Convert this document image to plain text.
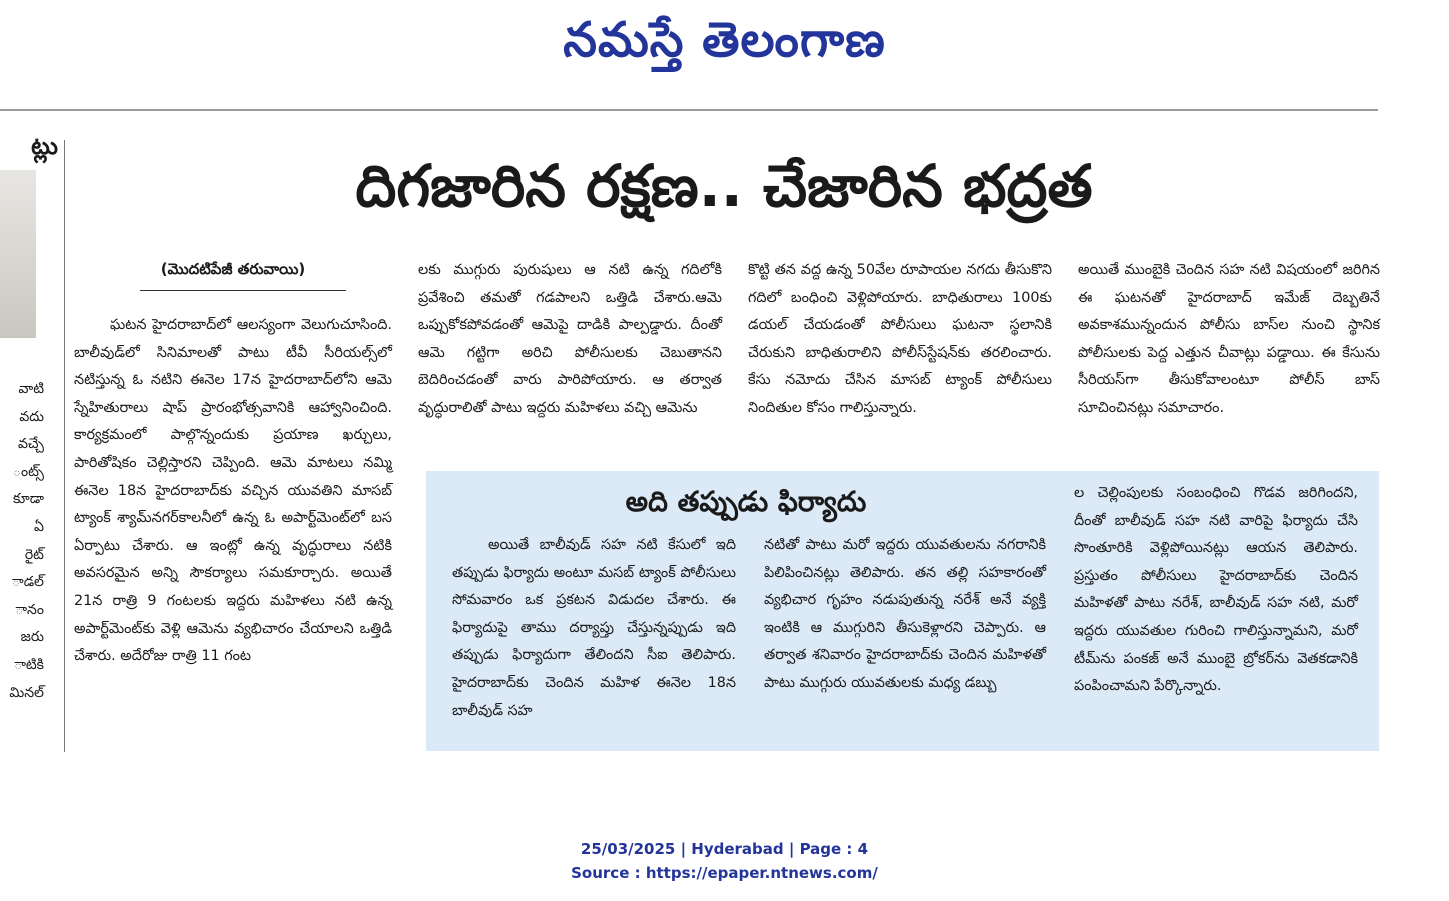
నమస్తే తెలంగాణ
ట్లు
వాటి
వదు
వచ్చే
ంట్స్
కూడా
ఏ
రైట్
ాడల్
ానం
జరు
ాటికి
మినల్
దిగజారిన రక్షణ.. చేజారిన భద్రత
(మొదటిపేజీ తరువాయి)

ఘటన హైదరాబాద్‌లో ఆలస్యంగా వెలుగుచూసింది. బాలీవుడ్‌లో సినిమాలతో పాటు టీవీ సీరియల్స్‌లో నటిస్తున్న ఓ నటిని ఈనెల 17న హైదరాబాద్‌లోని ఆమె స్నేహితురాలు షాప్ ప్రారంభోత్సవానికి ఆహ్వానించింది. కార్యక్రమంలో పాల్గొన్నందుకు ప్రయాణ ఖర్చులు, పారితోషికం చెల్లిస్తారని చెప్పింది. ఆమె మాటలు నమ్మి ఈనెల 18న హైదరాబాద్‌కు వచ్చిన యువతిని మాసబ్ ట్యాంక్ శ్యామ్‌నగర్‌కాలనీలో ఉన్న ఓ అపార్ట్‌మెంట్‌లో బస ఏర్పాటు చేశారు. ఆ ఇంట్లో ఉన్న వృద్ధురాలు నటికి అవసరమైన అన్ని సౌకర్యాలు సమకూర్చారు. అయితే 21న రాత్రి 9 గంటలకు ఇద్దరు మహిళలు నటి ఉన్న అపార్ట్‌మెంట్‌కు వెళ్లి ఆమెను వ్యభిచారం చేయాలని ఒత్తిడి చేశారు. అదేరోజు రాత్రి 11 గంట

లకు ముగ్గురు పురుషులు ఆ నటి ఉన్న గదిలోకి ప్రవేశించి తమతో గడపాలని ఒత్తిడి చేశారు.ఆమె ఒప్పుకోకపోవడంతో ఆమెపై దాడికి పాల్పడ్డారు. దీంతో ఆమె గట్టిగా అరిచి పోలీసులకు చెబుతానని బెదిరించడంతో వారు పారిపోయారు. ఆ తర్వాత వృద్ధురాలితో పాటు ఇద్దరు మహిళలు వచ్చి ఆమెను

కొట్టి తన వద్ద ఉన్న 50వేల రూపాయల నగదు తీసుకొని గదిలో బంధించి వెళ్లిపోయారు. బాధితురాలు 100కు డయల్ చేయడంతో పోలీసులు ఘటనా స్థలానికి చేరుకుని బాధితురాలిని పోలీస్‌స్టేషన్‌కు తరలించారు. కేసు నమోదు చేసిన మాసబ్ ట్యాంక్ పోలీసులు నిందితుల కోసం గాలిస్తున్నారు.

అయితే ముంబైకి చెందిన సహ నటి విషయంలో జరిగిన ఈ ఘటనతో హైదరాబాద్ ఇమేజ్ దెబ్బతినే అవకాశమున్నందున పోలీసు బాస్‌ల నుంచి స్థానిక పోలీసులకు పెద్ద ఎత్తున చీవాట్లు పడ్డాయి. ఈ కేసును సీరియస్‌గా తీసుకోవాలంటూ పోలీస్ బాస్ సూచించినట్లు సమాచారం.

అది తప్పుడు ఫిర్యాదు

అయితే బాలీవుడ్ సహ నటి కేసులో ఇది తప్పుడు ఫిర్యాదు అంటూ మసబ్ ట్యాంక్ పోలీసులు సోమవారం ఒక ప్రకటన విడుదల చేశారు. ఈ ఫిర్యాదుపై తాము దర్యాప్తు చేస్తున్నప్పుడు ఇది తప్పుడు ఫిర్యాదుగా తేలిందని సీఐ తెలిపారు. హైదరాబాద్‌కు చెందిన మహిళ ఈనెల 18న బాలీవుడ్ సహ

నటితో పాటు మరో ఇద్దరు యువతులను నగరానికి పిలిపించినట్లు తెలిపారు. తన తల్లి సహకారంతో వ్యభిచార గృహం నడుపుతున్న నరేశ్ అనే వ్యక్తి ఇంటికి ఆ ముగ్గురిని తీసుకెళ్లారని చెప్పారు. ఆ తర్వాత శనివారం హైదరాబాద్‌కు చెందిన మహిళతో పాటు ముగ్గురు యువతులకు మధ్య డబ్బు

ల చెల్లింపులకు సంబంధించి గొడవ జరిగిందని, దీంతో బాలీవుడ్ సహ నటి వారిపై ఫిర్యాదు చేసి సొంతూరికి వెళ్లిపోయినట్లు ఆయన తెలిపారు. ప్రస్తుతం పోలీసులు హైదరాబాద్‌కు చెందిన మహిళతో పాటు నరేశ్, బాలీవుడ్ సహ నటి, మరో ఇద్దరు యువతుల గురించి గాలిస్తున్నామని, మరో టీమ్‌ను పంకజ్ అనే ముంబై బ్రోకర్‌ను వెతకడానికి పంపించామని పేర్కొన్నారు.

25/03/2025 | Hyderabad | Page : 4
Source : https://epaper.ntnews.com/
